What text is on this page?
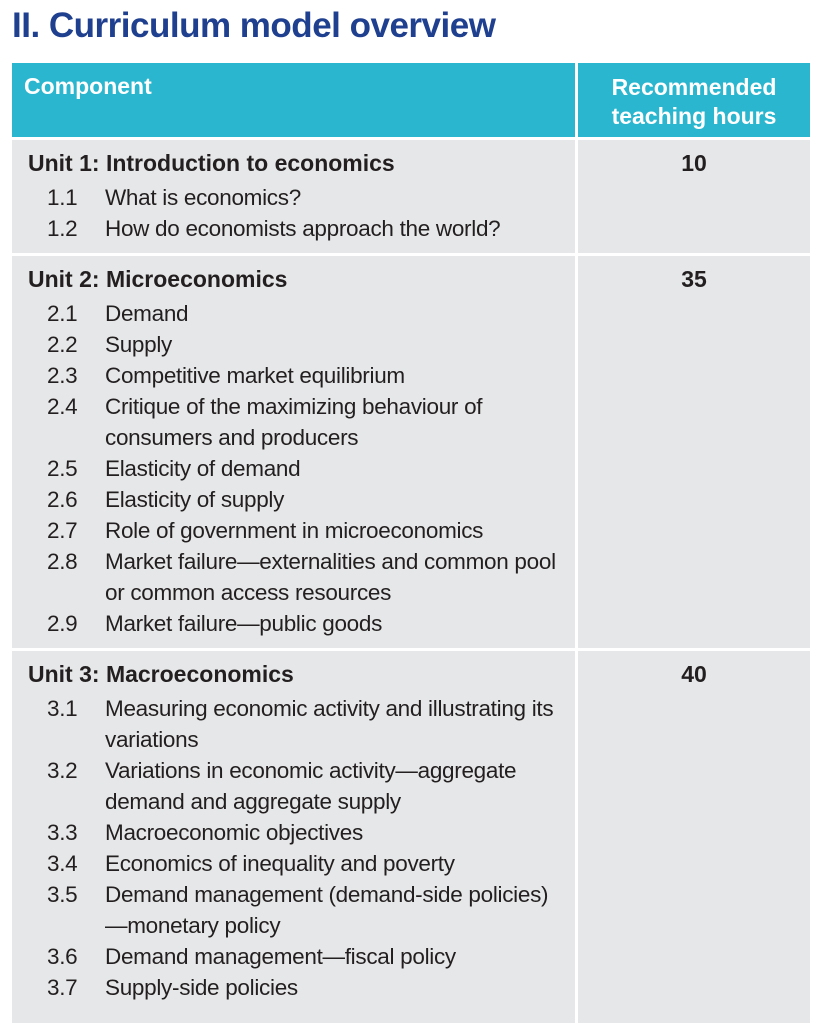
II. Curriculum model overview
Component	Recommended
teaching hours
Unit 1: Introduction to economics
1.1 What is economics?
1.2 How do economists approach the world?
10
Unit 2: Microeconomics
2.1 Demand
2.2 Supply
2.3 Competitive market equilibrium
2.4 Critique of the maximizing behaviour of consumers and producers
2.5 Elasticity of demand
2.6 Elasticity of supply
2.7 Role of government in microeconomics
2.8 Market failure—externalities and common pool or common access resources
2.9 Market failure—public goods
35
Unit 3: Macroeconomics
3.1 Measuring economic activity and illustrating its variations
3.2 Variations in economic activity—aggregate demand and aggregate supply
3.3 Macroeconomic objectives
3.4 Economics of inequality and poverty
3.5 Demand management (demand-side policies)—monetary policy
3.6 Demand management—fiscal policy
3.7 Supply-side policies
40
